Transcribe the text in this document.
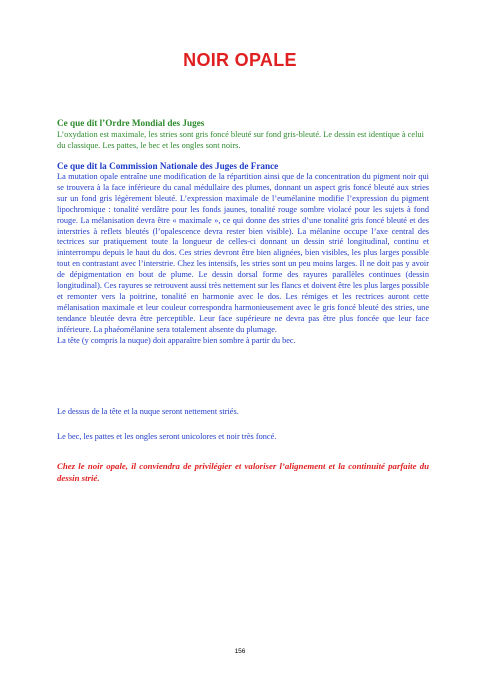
NOIR OPALE
Ce que dit l’Ordre Mondial des Juges
L’oxydation est maximale, les stries sont gris foncé bleuté sur fond gris-bleuté. Le dessin est identique à celui du classique. Les pattes, le bec et les ongles sont noirs.
Ce que dit la Commission Nationale des Juges de France

La mutation opale entraîne une modification de la répartition ainsi que de la concentration du pigment noir qui se trouvera à la face inférieure du canal médullaire des plumes, donnant un aspect gris foncé bleuté aux stries sur un fond gris légèrement bleuté. L’expression maximale de l’eumélanine modifie l’expression du pigment lipochromique : tonalité verdâtre pour les fonds jaunes, tonalité rouge sombre violacé pour les sujets à fond rouge. La mélanisation devra être « maximale », ce qui donne des stries d’une tonalité gris foncé bleuté et des interstries à reflets bleutés (l’opalescence devra rester bien visible). La mélanine occupe l’axe central des tectrices sur pratiquement toute la longueur de celles-ci donnant un dessin strié longitudinal, continu et ininterrompu depuis le haut du dos. Ces stries devront être bien alignées, bien visibles, les plus larges possible tout en contrastant avec l’interstrie. Chez les intensifs, les stries sont un peu moins larges. Il ne doit pas y avoir de dépigmentation en bout de plume. Le dessin dorsal forme des rayures parallèles continues (dessin longitudinal). Ces rayures se retrouvent aussi très nettement sur les flancs et doivent être les plus larges possible et remonter vers la poitrine, tonalité en harmonie avec le dos. Les rémiges et les rectrices auront cette mélanisation maximale et leur couleur correspondra harmonieusement avec le gris foncé bleuté des stries, une tendance bleutée devra être perceptible. Leur face supérieure ne devra pas être plus foncée que leur face inférieure. La phaéomélanine sera totalement absente du plumage.

La tête (y compris la nuque) doit apparaître bien sombre à partir du bec.

Le dessus de la tête et la nuque seront nettement striés.
Le bec, les pattes et les ongles seront unicolores et noir très foncé.
Chez le noir opale, il conviendra de privilégier et valoriser l’alignement et la continuité parfaite du dessin strié.
156
